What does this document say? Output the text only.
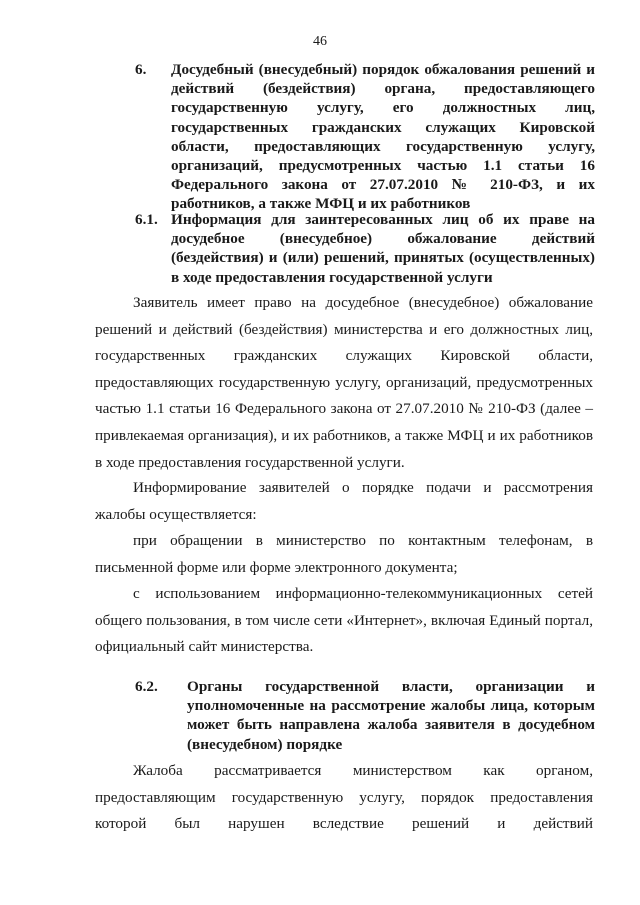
46
6.	Досудебный (внесудебный) порядок обжалования решений и действий (бездействия) органа, предоставляющего государственную услугу, его должностных лиц, государственных гражданских служащих Кировской области, предоставляющих государственную услугу, организаций, предусмотренных частью 1.1 статьи 16 Федерального закона от 27.07.2010 № 210-ФЗ, и их работников, а также МФЦ и их работников
6.1. Информация для заинтересованных лиц об их праве на досудебное (внесудебное) обжалование действий (бездействия) и (или) решений, принятых (осуществленных) в ходе предоставления государственной услуги

Заявитель имеет право на досудебное (внесудебное) обжалование решений и действий (бездействия) министерства и его должностных лиц, государственных гражданских служащих Кировской области, предоставляющих государственную услугу, организаций, предусмотренных частью 1.1 статьи 16 Федерального закона от 27.07.2010 № 210-ФЗ (далее – привлекаемая организация), и их работников, а также МФЦ и их работников в ходе предоставления государственной услуги.

Информирование заявителей о порядке подачи и рассмотрения жалобы осуществляется:

при обращении в министерство по контактным телефонам, в письменной форме или форме электронного документа;

с использованием информационно-телекоммуникационных сетей общего пользования, в том числе сети «Интернет», включая Единый портал, официальный сайт министерства.

6.2.	Органы государственной власти, организации и уполномоченные на рассмотрение жалобы лица, которым может быть направлена жалоба заявителя в досудебном (внесудебном) порядке

Жалоба рассматривается министерством как органом, предоставляющим государственную услугу, порядок предоставления которой был нарушен вследствие решений и действий
